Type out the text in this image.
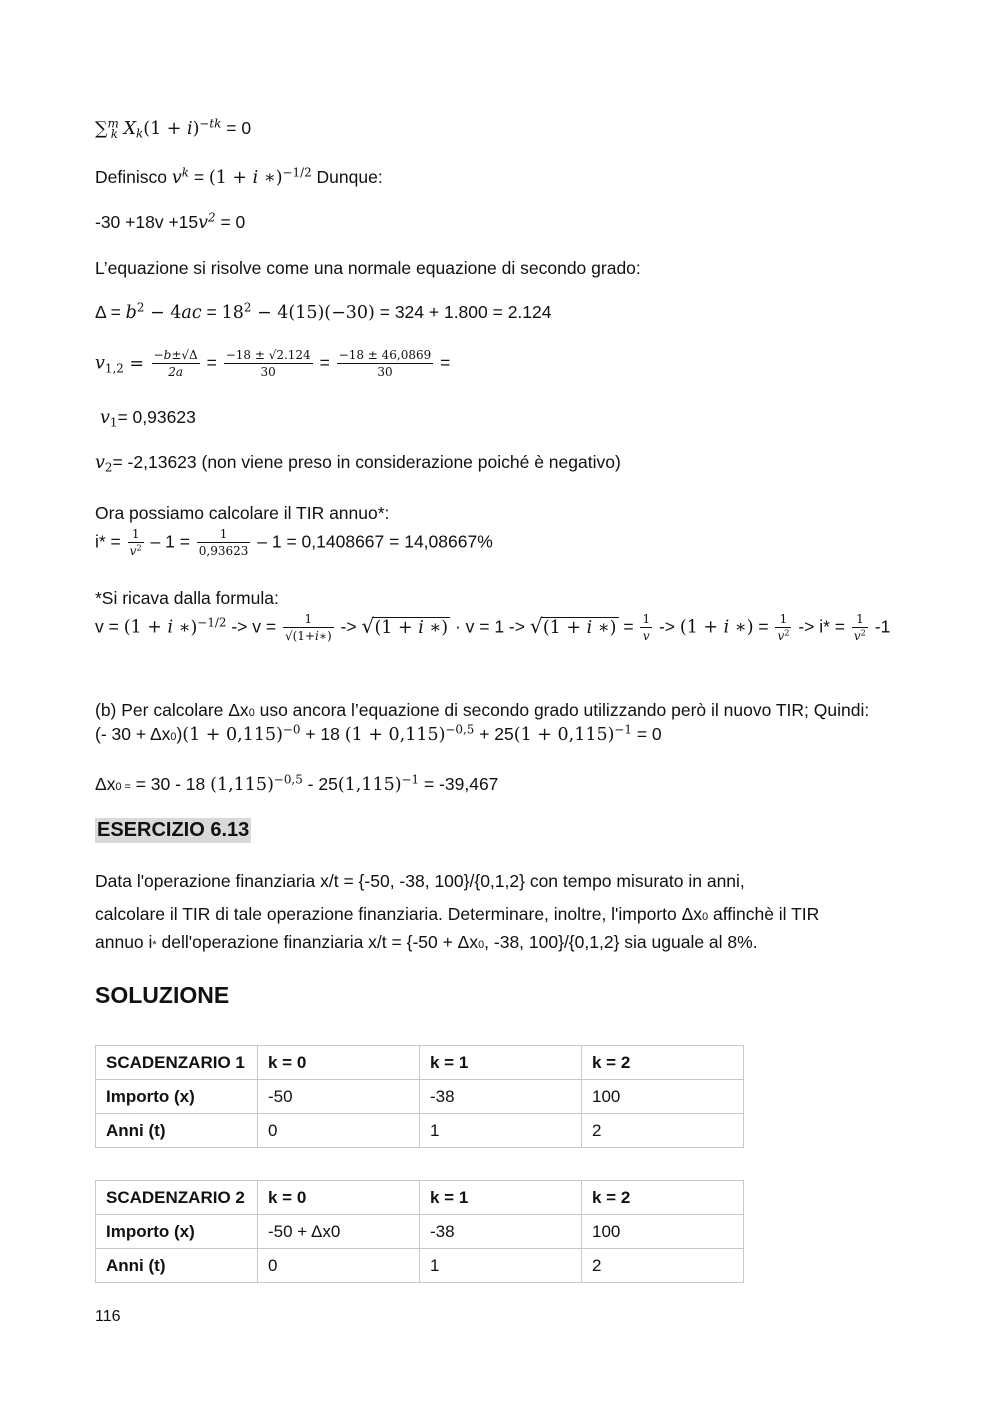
∑$^m_k$ $X_k(1 + i)^{-tk} = 0$
Definisco $v^k = (1 + i$ ∗)$^{-1/2}$ Dunque:
$-30 +18v +15v^2 = 0$
L’equazione si risolve come una normale equazione di secondo grado:
$\Delta = b^2 - 4ac = 18^2 - 4(15)(-30) = 324 + 1.800 = 2.124$
$v_{1,2} = \frac{-b\pm√\Delta}{2a} = \frac{-18 \pm √2.124}{30} = \frac{-18 \pm 46,0869}{30}$ =
$v_1= 0,93623$
$v_2= -2,13623$ (non viene preso in considerazione poiché è negativo)
Ora possiamo calcolare il TIR annuo*:
$i* = \frac{1}{v^2} - 1 = \frac{1}{0,93623} - 1 = 0,1408667 = 14,08667\%$
*Si ricava dalla formula:
v = (1 + i ∗)$^{-1/2}$ -> $v = \frac{1}{√(1+i∗)}$ -> √ (1 + i ∗) · v = 1 -> √ (1 + i ∗) = $\frac{1}{v} -> (1 + i$ ∗) = $\frac{1}{v^2} -> i* = \frac{1}{v^2} -1$
(b) Per calcolare Δx0 uso ancora l’equazione di secondo grado utilizzando però il nuovo TIR; Quindi:
(- $30 + \Delta x0)(1 + 0,115)^{-0} + 18$ $(1 + 0,115)^{-0,5} + 25(1 + 0,115)^{-1} = 0$
Δx0 = = 30 - 18 $(1,115)^{-0,5} - 25(1,115)^{-1} = -39,467$
ESERCIZIO 6.13
Data l'operazione finanziaria x/t = {-50, -38, 100}/{0,1,2} con tempo misurato in anni,
calcolare il TIR di tale operazione finanziaria. Determinare, inoltre, l'importo Δx0 affinchè il TIR
annuo i* dell'operazione finanziaria x/t = {-50 + Δx0, -38, 100}/{0,1,2} sia uguale al 8%.
SOLUZIONE
SCADENZARIO 1	k = 0	k = 1	k = 2
Importo (x)	-50	-38	100
Anni (t)	0	1	2
SCADENZARIO 2	k = 0	k = 1	k = 2
Importo (x)	-50 + Δx0	-38	100
Anni (t)	0	1	2
116
